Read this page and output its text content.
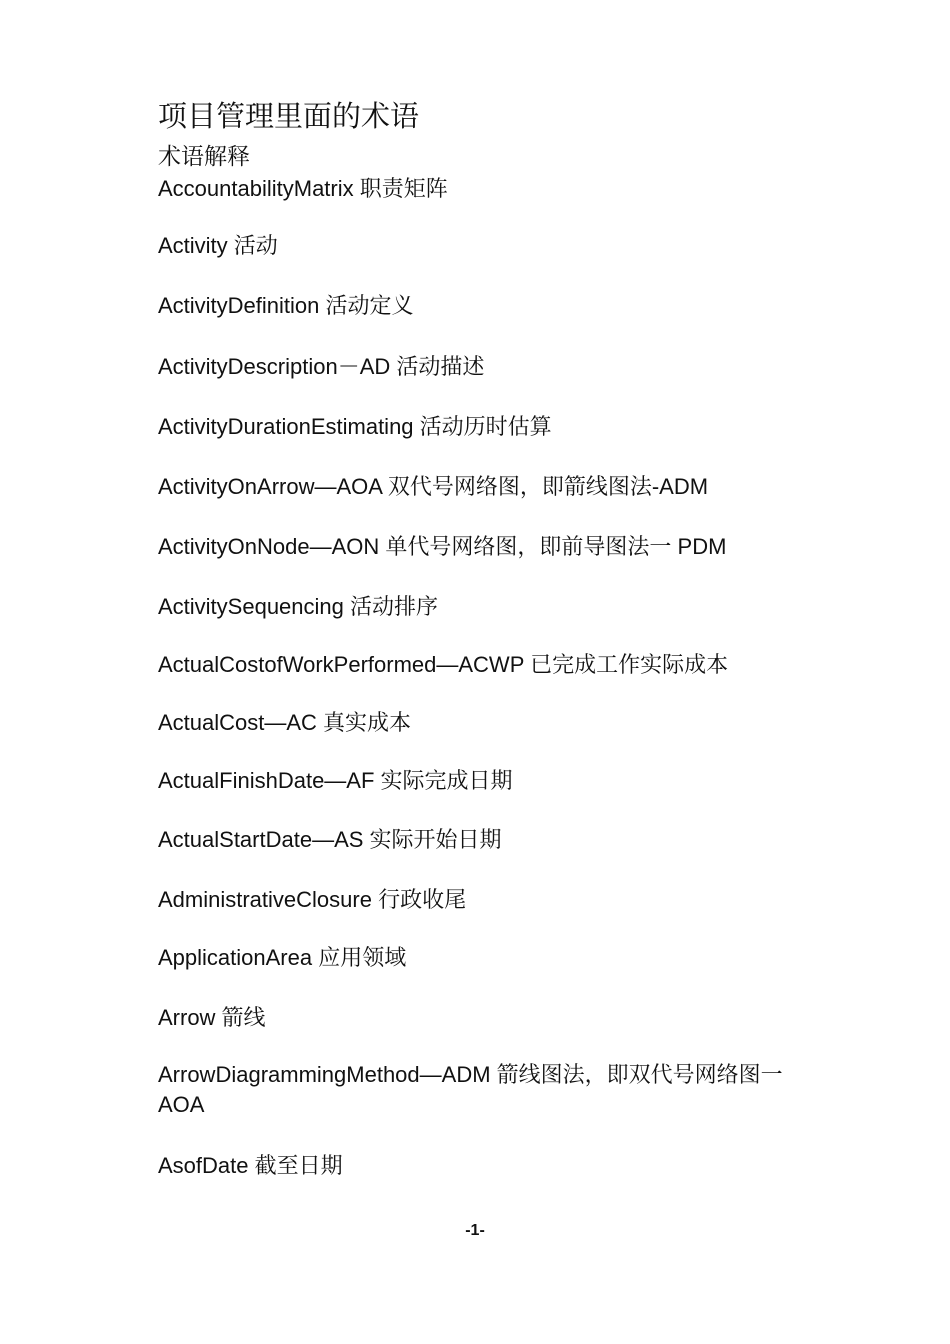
项目管理里面的术语
术语解释

AccountabilityMatrix 职责矩阵

Activity 活动

ActivityDefinition 活动定义

ActivityDescription－AD 活动描述

ActivityDurationEstimating 活动历时估算

ActivityOnArrow—AOA 双代号网络图，即箭线图法-ADM

ActivityOnNode—AON 单代号网络图，即前导图法一 PDM

ActivitySequencing 活动排序

ActualCostofWorkPerformed—ACWP 已完成工作实际成本

ActualCost—AC 真实成本

ActualFinishDate—AF 实际完成日期

ActualStartDate—AS 实际开始日期

AdministrativeClosure 行政收尾

ApplicationArea 应用领域

Arrow 箭线

ArrowDiagrammingMethod—ADM 箭线图法，即双代号网络图一 AOA

AsofDate 截至日期

-1-
